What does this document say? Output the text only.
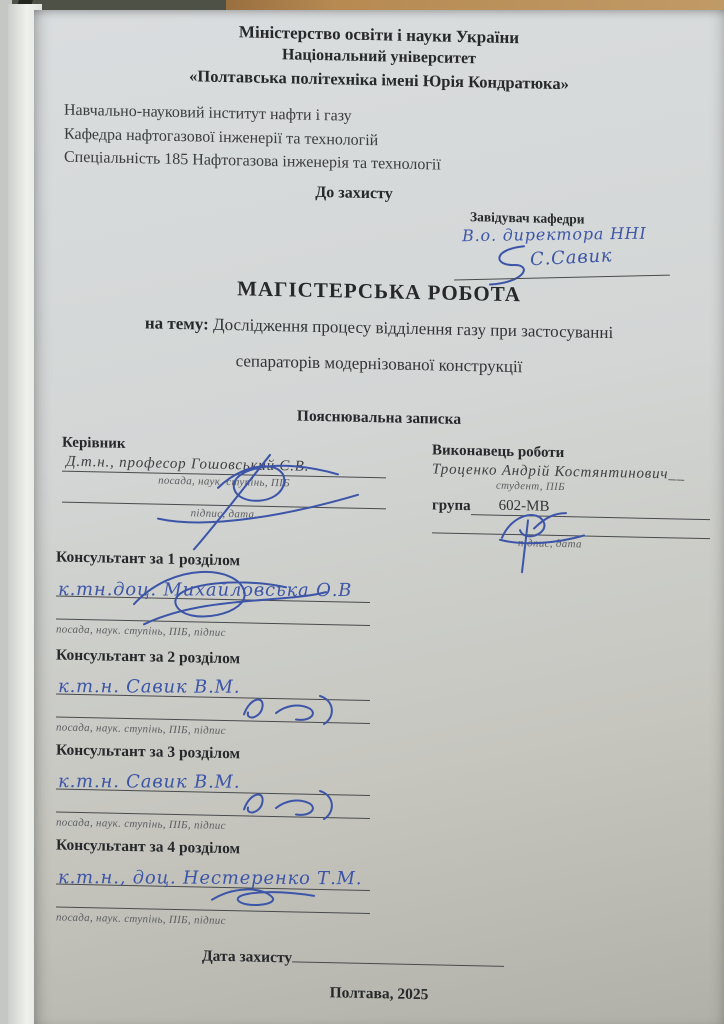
Міністерство освіти і науки України
Національний університет
«Полтавська політехніка імені Юрія Кондратюка»
Навчально-науковий інститут нафти і газу
Кафедра нафтогазової інженерії та технологій
Спеціальність 185 Нафтогазова інженерія та технології
До захисту
Завідувач кафедри
В.о. директора ННІ
С.Савик
МАГІСТЕРСЬКА РОБОТА
на тему: Дослідження процесу відділення газу при застосуванні
сепараторів модернізованої конструкції
Пояснювальна записка
Керівник
Д.т.н., професор Гошовський С.В.
посада, наук. ступінь, ПІБ
підпис, дата.
Виконавець роботи
Троценко Андрій Костянтинович__
студент, ПІБ
група	602-МВ
підпис, дата
Консультант за 1 розділом
к.тн.доц. Михайловська О.В
посада, наук. ступінь, ПІБ, підпис
Консультант за 2 розділом
к.т.н. Савик В.М.
посада, наук. ступінь, ПІБ, підпис
Консультант за 3 розділом
к.т.н. Савик В.М.
посада, наук. ступінь, ПІБ, підпис
Консультант за 4 розділом
к.т.н., доц. Нестеренко Т.М.
посада, наук. ступінь, ПІБ, підпис
Дата захисту
Полтава, 2025
